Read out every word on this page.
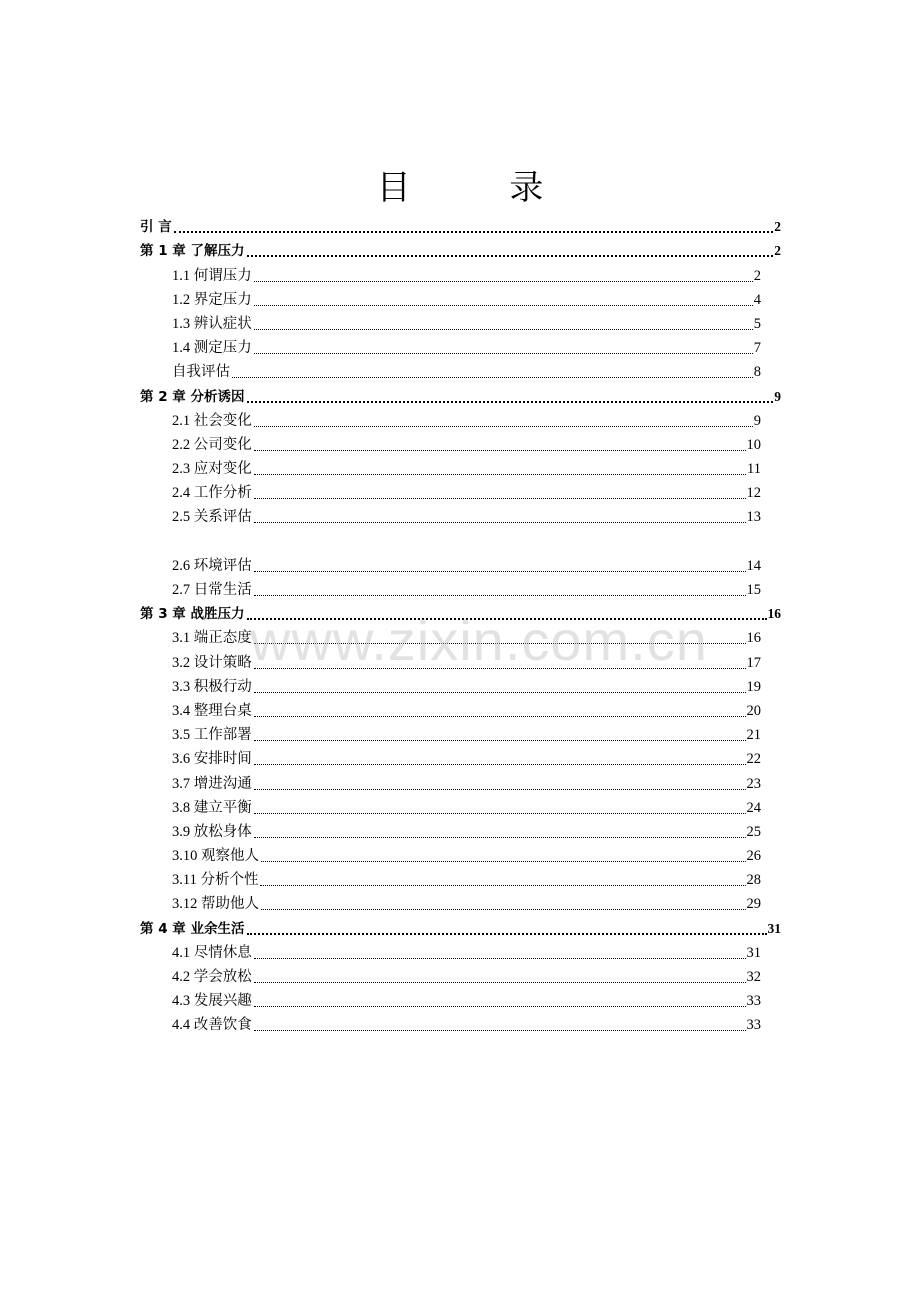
目 录
引 言	2
第 1 章 了解压力	2
1.1 何谓压力	2
1.2 界定压力	4
1.3 辨认症状	5
1.4 测定压力	7
自我评估	8
第 2 章 分析诱因	9
2.1 社会变化	9
2.2 公司变化	10
2.3 应对变化	11
2.4 工作分析	12
2.5 关系评估	13
2.6 环境评估	14
2.7 日常生活	15
第 3 章 战胜压力	16
3.1 端正态度	16
3.2 设计策略	17
3.3 积极行动	19
3.4 整理台桌	20
3.5 工作部署	21
3.6 安排时间	22
3.7 增进沟通	23
3.8 建立平衡	24
3.9 放松身体	25
3.10 观察他人	26
3.11 分析个性	28
3.12 帮助他人	29
第 4 章 业余生活	31
4.1 尽情休息	31
4.2 学会放松	32
4.3 发展兴趣	33
4.4 改善饮食	33
www.zixin.com.cn
